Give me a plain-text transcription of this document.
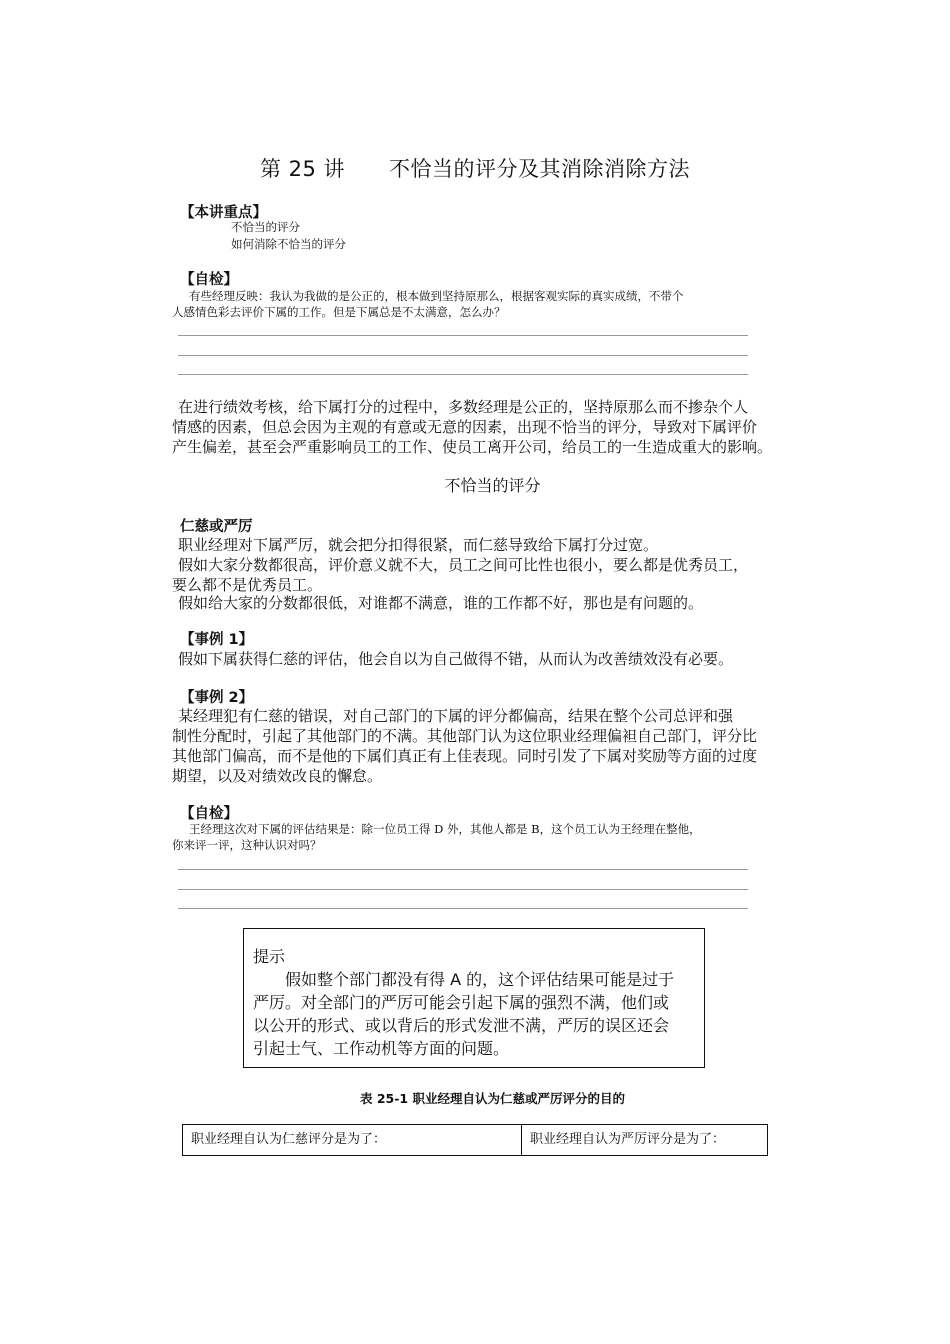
第 25 讲 不恰当的评分及其消除消除方法
【本讲重点】
不恰当的评分
如何消除不恰当的评分
【自检】
有些经理反映：我认为我做的是公正的，根本做到坚持原那么，根据客观实际的真实成绩，不带个
人感情色彩去评价下属的工作。但是下属总是不太满意，怎么办？
在进行绩效考核，给下属打分的过程中，多数经理是公正的，坚持原那么而不掺杂个人
情感的因素，但总会因为主观的有意或无意的因素，出现不恰当的评分，导致对下属评价
产生偏差，甚至会严重影响员工的工作、使员工离开公司，给员工的一生造成重大的影响。
不恰当的评分
仁慈或严厉
职业经理对下属严厉，就会把分扣得很紧，而仁慈导致给下属打分过宽。
假如大家分数都很高，评价意义就不大，员工之间可比性也很小，要么都是优秀员工，
要么都不是优秀员工。
假如给大家的分数都很低，对谁都不满意，谁的工作都不好，那也是有问题的。
【事例 1】
假如下属获得仁慈的评估，他会自以为自己做得不错，从而认为改善绩效没有必要。
【事例 2】
某经理犯有仁慈的错误，对自己部门的下属的评分都偏高，结果在整个公司总评和强
制性分配时，引起了其他部门的不满。其他部门认为这位职业经理偏袒自己部门，评分比
其他部门偏高，而不是他的下属们真正有上佳表现。同时引发了下属对奖励等方面的过度
期望，以及对绩效改良的懈怠。
【自检】
王经理这次对下属的评估结果是：除一位员工得 D 外，其他人都是 B，这个员工认为王经理在整他，
你来评一评，这种认识对吗？
提示
假如整个部门都没有得 A 的，这个评估结果可能是过于
严厉。对全部门的严厉可能会引起下属的强烈不满，他们或
以公开的形式、或以背后的形式发泄不满，严厉的误区还会
引起士气、工作动机等方面的问题。
表 25-1 职业经理自认为仁慈或严厉评分的目的
职业经理自认为仁慈评分是为了：	职业经理自认为严厉评分是为了：
